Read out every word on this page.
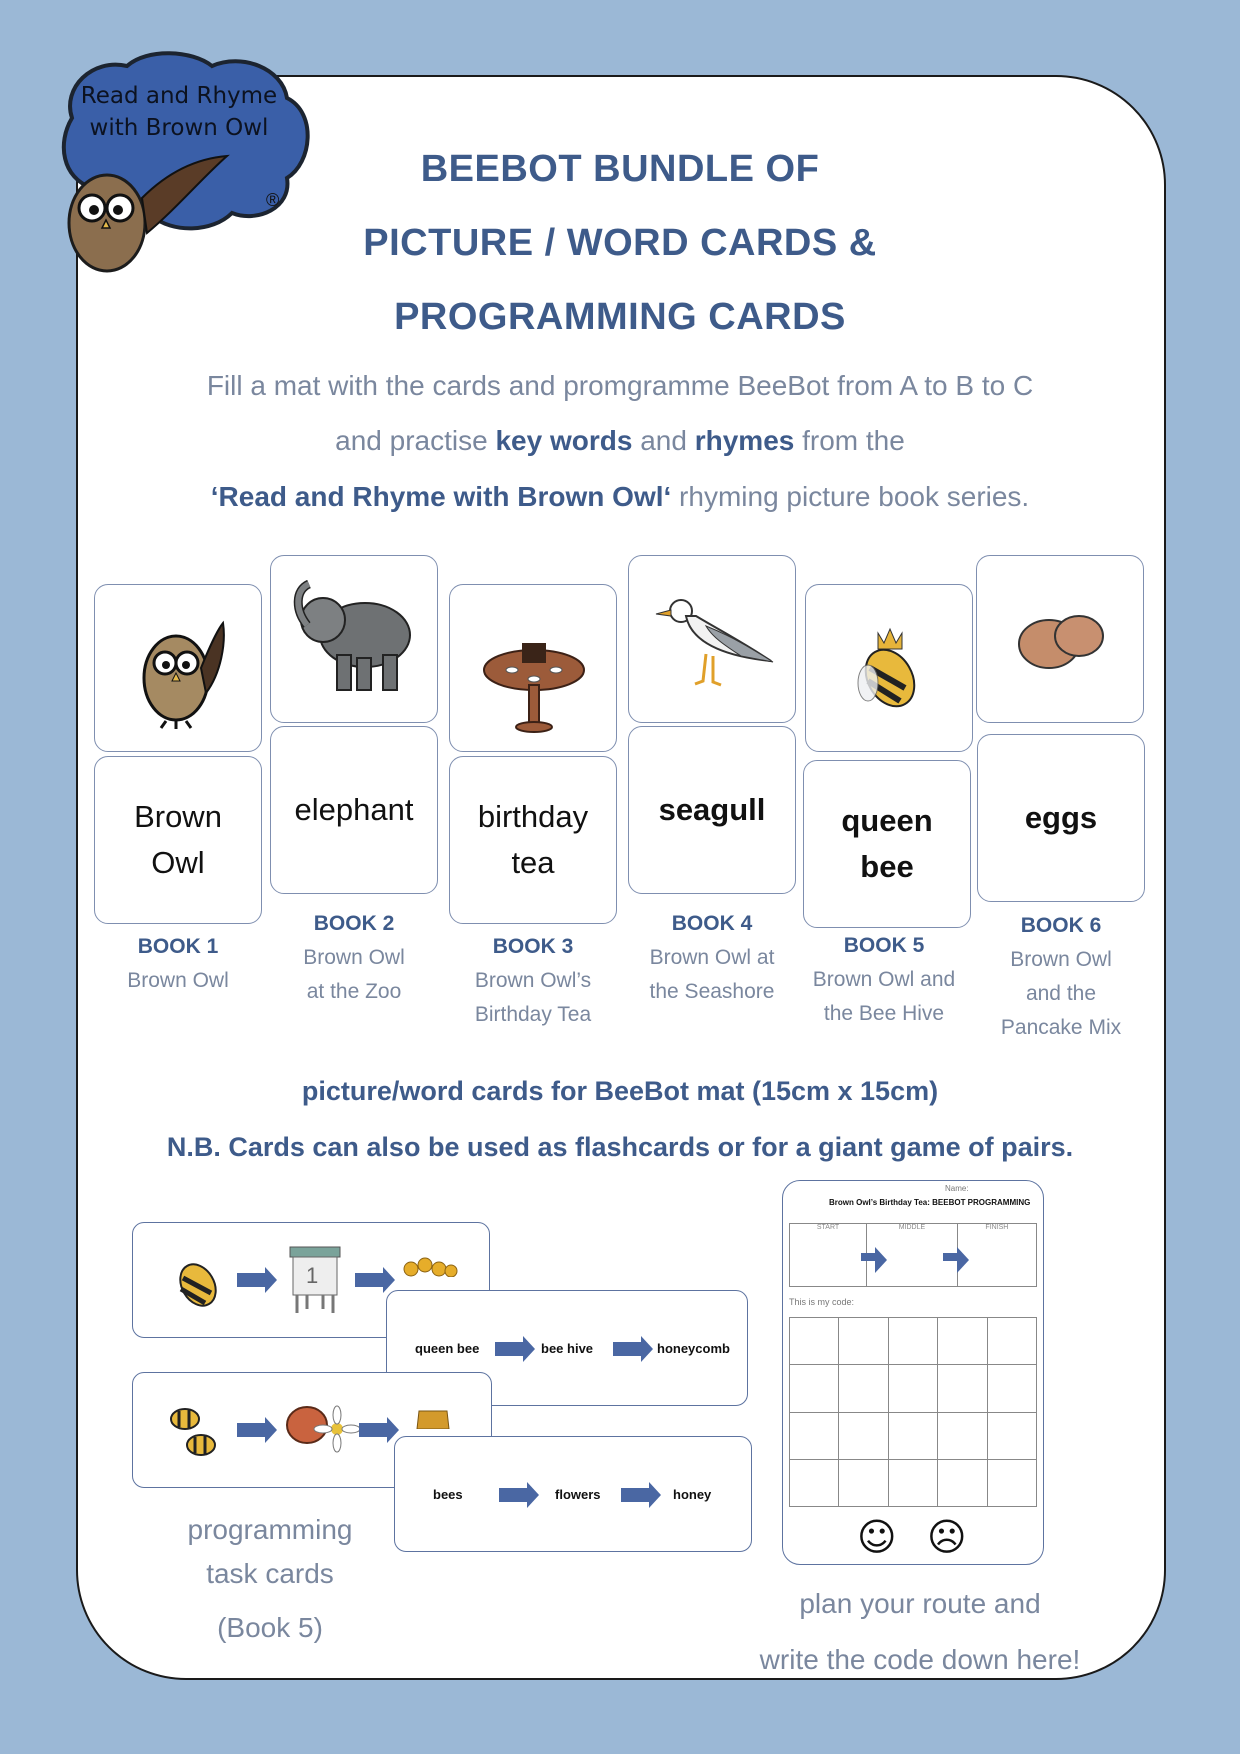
Read and Rhyme with Brown Owl
®
BEEBOT BUNDLE OF
PICTURE / WORD CARDS &
PROGRAMMING CARDS
Fill a mat with the cards and promgramme BeeBot from A to B to C
and practise key words and rhymes from the
‘Read and Rhyme with Brown Owl‘ rhyming picture book series.
Brown
Owl
elephant	birthday
tea
seagull	queen
bee
eggs
BOOK 1
Brown Owl
BOOK 2
Brown Owl
at the Zoo
BOOK 3
Brown Owl’s
Birthday Tea
BOOK 4
Brown Owl at
the Seashore
BOOK 5
Brown Owl and
the Bee Hive
BOOK 6
Brown Owl
and the
Pancake Mix
picture/word cards for BeeBot mat (15cm x 15cm)
N.B. Cards can also be used as flashcards or for a giant game of pairs.
1
queen bee	bee hive	honeycomb
bees	flowers	honey
programming
task cards
(Book 5)
Name:
Brown Owl’s Birthday Tea: BEEBOT PROGRAMMING
START	MIDDLE	FINISH
This is my code:

☺ ☹
plan your route and
write the code down here!
